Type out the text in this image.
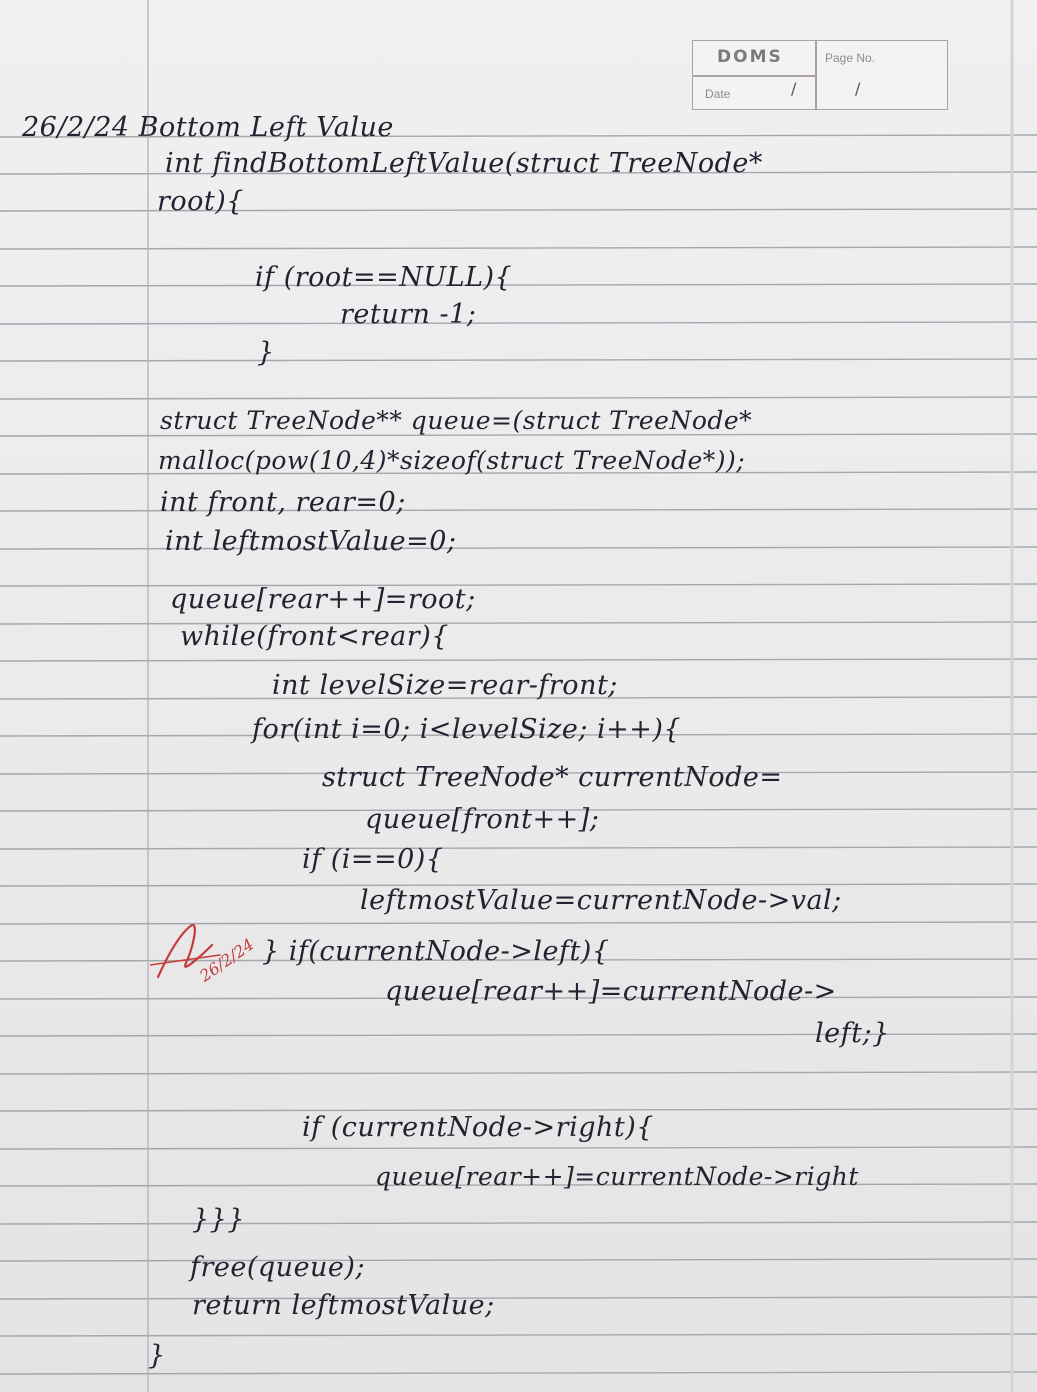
DOMS	Page No.
Date	/	/
26/2/24 Bottom Left Value
int findBottomLeftValue(struct TreeNode*
root){
if (root==NULL){
return -1;
}
struct TreeNode** queue=(struct TreeNode*
malloc(pow(10,4)*sizeof(struct TreeNode*));
int front, rear=0;
int leftmostValue=0;
queue[rear++]=root;
while(front<rear){
int levelSize=rear-front;
for(int i=0; i<levelSize; i++){
struct TreeNode* currentNode=
queue[front++];
if (i==0){
leftmostValue=currentNode->val;
} if(currentNode->left){
queue[rear++]=currentNode->
left;}
if (currentNode->right){
queue[rear++]=currentNode->right
}}}
free(queue);
return leftmostValue;
}
26/2/24
